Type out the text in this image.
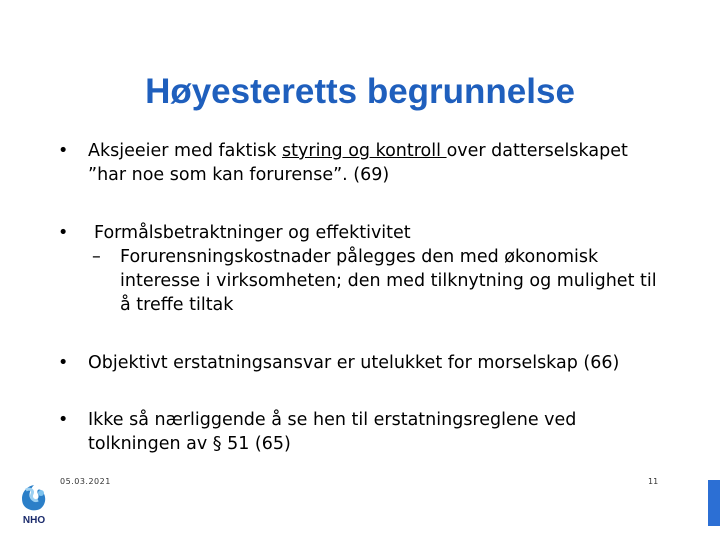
Høyesteretts begrunnelse
• Aksjeeier med faktisk styring og kontroll over datterselskapet
”har noe som kan forurense”. (69)
•	Formålsbetraktninger og effektivitet
– Forurensningskostnader pålegges den med økonomisk
interesse i virksomheten; den med tilknytning og mulighet til
å treffe tiltak
• Objektivt erstatningsansvar er utelukket for morselskap (66)
• Ikke så nærliggende å se hen til erstatningsreglene ved
tolkningen av § 51 (65)
NHO
05.03.2021	11
